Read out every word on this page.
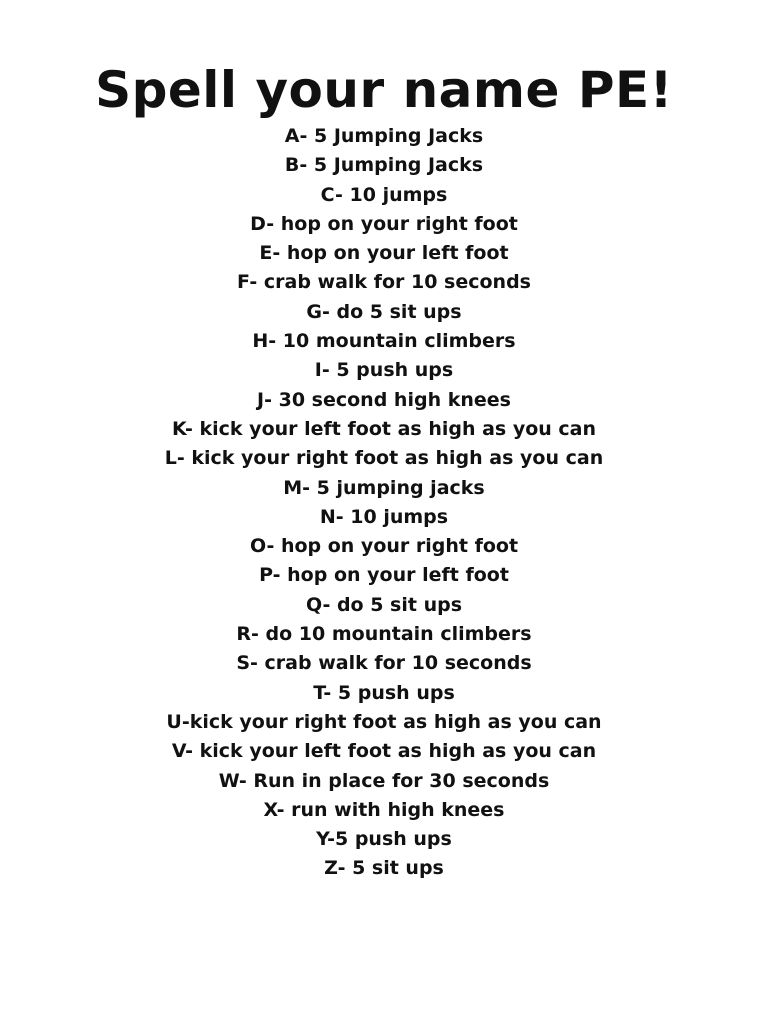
Spell your name PE!
A- 5 Jumping Jacks
B- 5 Jumping Jacks
C- 10 jumps
D- hop on your right foot
E- hop on your left foot
F- crab walk for 10 seconds
G- do 5 sit ups
H- 10 mountain climbers
I- 5 push ups
J- 30 second high knees
K- kick your left foot as high as you can
L- kick your right foot as high as you can
M- 5 jumping jacks
N- 10 jumps
O- hop on your right foot
P- hop on your left foot
Q- do 5 sit ups
R- do 10 mountain climbers
S- crab walk for 10 seconds
T- 5 push ups
U-kick your right foot as high as you can
V- kick your left foot as high as you can
W- Run in place for 30 seconds
X- run with high knees
Y-5 push ups
Z- 5 sit ups
